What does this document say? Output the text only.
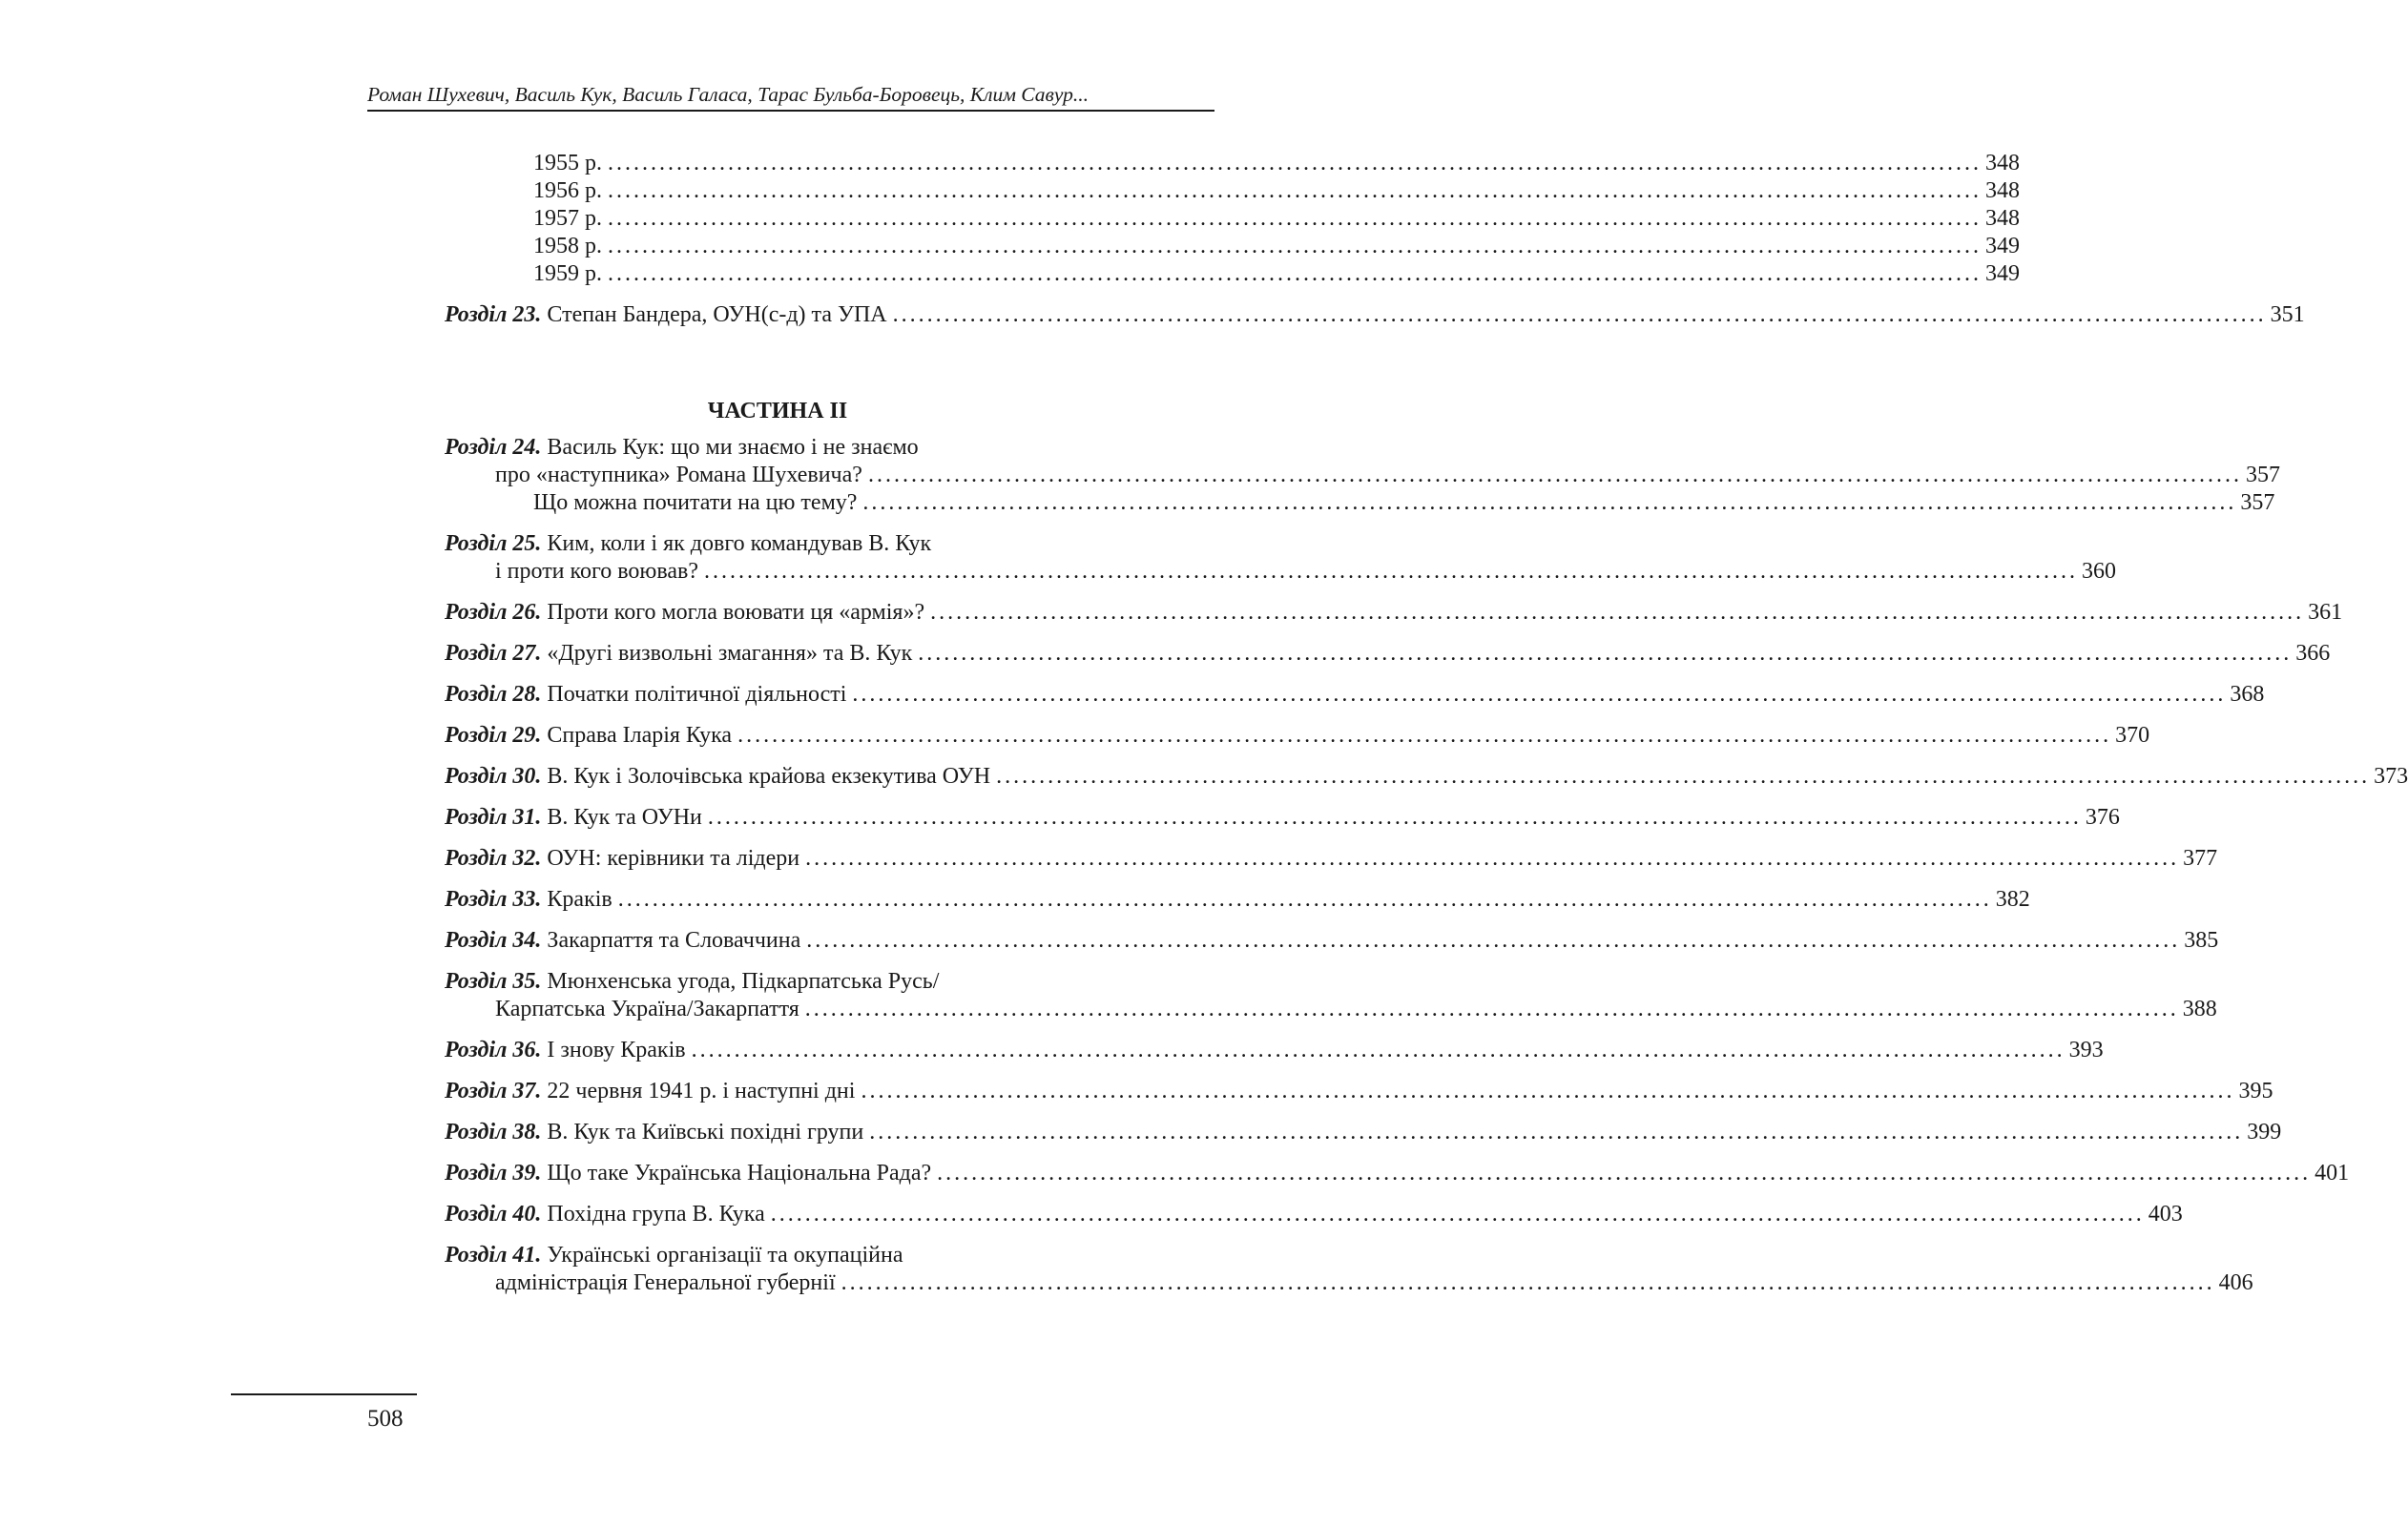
Роман Шухевич, Василь Кук, Василь Галаса, Тарас Бульба-Боровець, Клим Савур...
ЧАСТИНА II
1955 р. ................................................................................................................................................................ 348
1956 р. ................................................................................................................................................................ 348
1957 р. ................................................................................................................................................................ 348
1958 р. ................................................................................................................................................................ 349
1959 р. ................................................................................................................................................................ 349
Розділ 23. Степан Бандера, ОУН(с-д) та УПА ................................................................................................................................................................ 351
Розділ 24. Василь Кук: що ми знаємо і не знаємо
про «наступника» Романа Шухевича? ................................................................................................................................................................ 357
Що можна почитати на цю тему? ................................................................................................................................................................ 357
Розділ 25. Ким, коли і як довго командував В. Кук
і проти кого воював? ................................................................................................................................................................ 360
Розділ 26. Проти кого могла воювати ця «армія»? ................................................................................................................................................................ 361
Розділ 27. «Другі визвольні змагання» та В. Кук ................................................................................................................................................................ 366
Розділ 28. Початки політичної діяльності ................................................................................................................................................................ 368
Розділ 29. Справа Іларія Кука ................................................................................................................................................................ 370
Розділ 30. В. Кук і Золочівська крайова екзекутива ОУН ................................................................................................................................................................ 373
Розділ 31. В. Кук та ОУНи ................................................................................................................................................................ 376
Розділ 32. ОУН: керівники та лідери ................................................................................................................................................................ 377
Розділ 33. Краків ................................................................................................................................................................ 382
Розділ 34. Закарпаття та Словаччина ................................................................................................................................................................ 385
Розділ 35. Мюнхенська угода, Підкарпатська Русь/
Карпатська Україна/Закарпаття ................................................................................................................................................................ 388
Розділ 36. І знову Краків ................................................................................................................................................................ 393
Розділ 37. 22 червня 1941 р. і наступні дні ................................................................................................................................................................ 395
Розділ 38. В. Кук та Київські похідні групи ................................................................................................................................................................ 399
Розділ 39. Що таке Українська Національна Рада? ................................................................................................................................................................ 401
Розділ 40. Похідна група В. Кука ................................................................................................................................................................ 403
Розділ 41. Українські організації та окупаційна
адміністрація Генеральної губернії ................................................................................................................................................................ 406
508
